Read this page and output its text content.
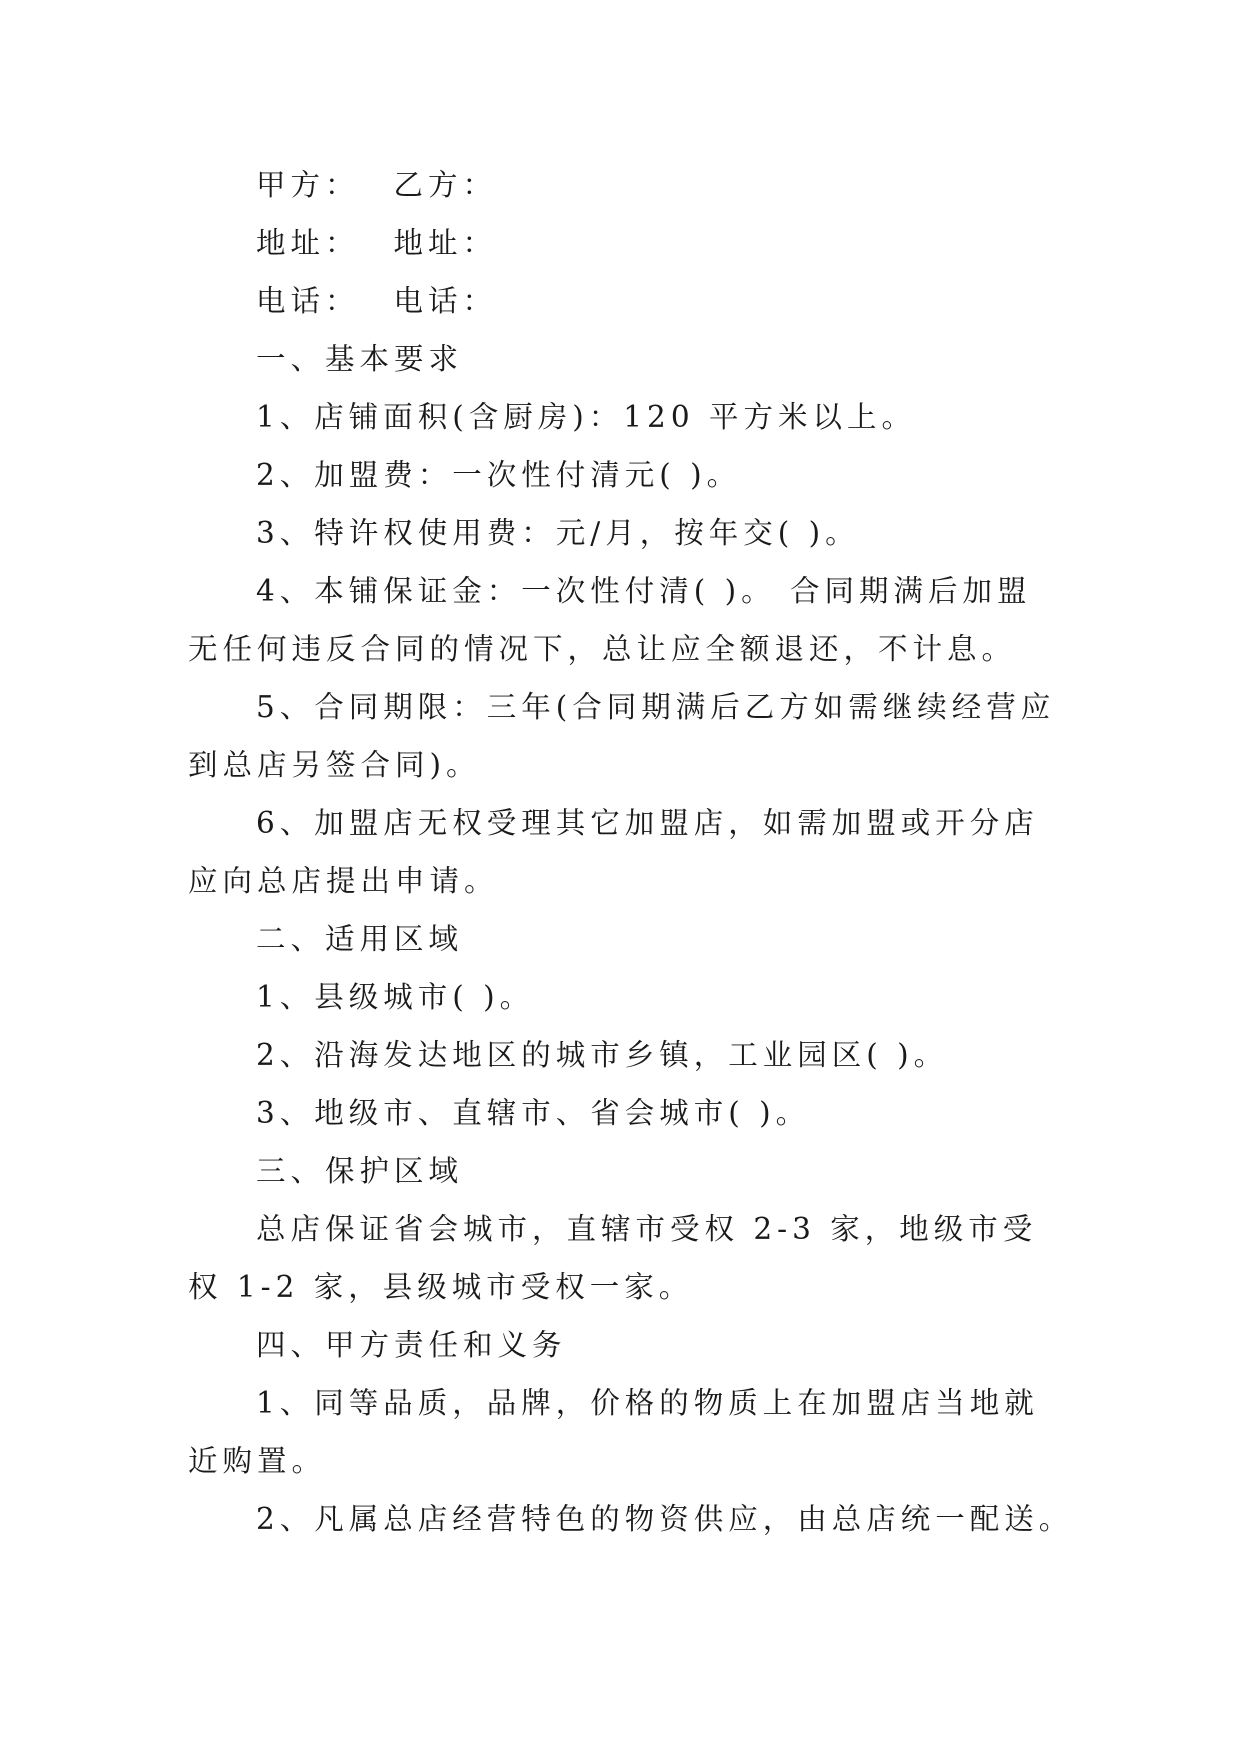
甲方： 乙方：

地址： 地址：

电话： 电话：

一、基本要求

1、店铺面积(含厨房)：120 平方米以上。

2、加盟费：一次性付清元( )。

3、特许权使用费：元/月，按年交( )。

4、本铺保证金：一次性付清( )。 合同期满后加盟无任何违反合同的情况下，总让应全额退还，不计息。

5、合同期限：三年(合同期满后乙方如需继续经营应到总店另签合同)。

6、加盟店无权受理其它加盟店，如需加盟或开分店应向总店提出申请。

二、适用区域

1、县级城市( )。

2、沿海发达地区的城市乡镇，工业园区( )。

3、地级市、直辖市、省会城市( )。

三、保护区域

总店保证省会城市，直辖市受权 2-3 家，地级市受权 1-2 家，县级城市受权一家。

四、甲方责任和义务

1、同等品质，品牌，价格的物质上在加盟店当地就近购置。

2、凡属总店经营特色的物资供应，由总店统一配送。
